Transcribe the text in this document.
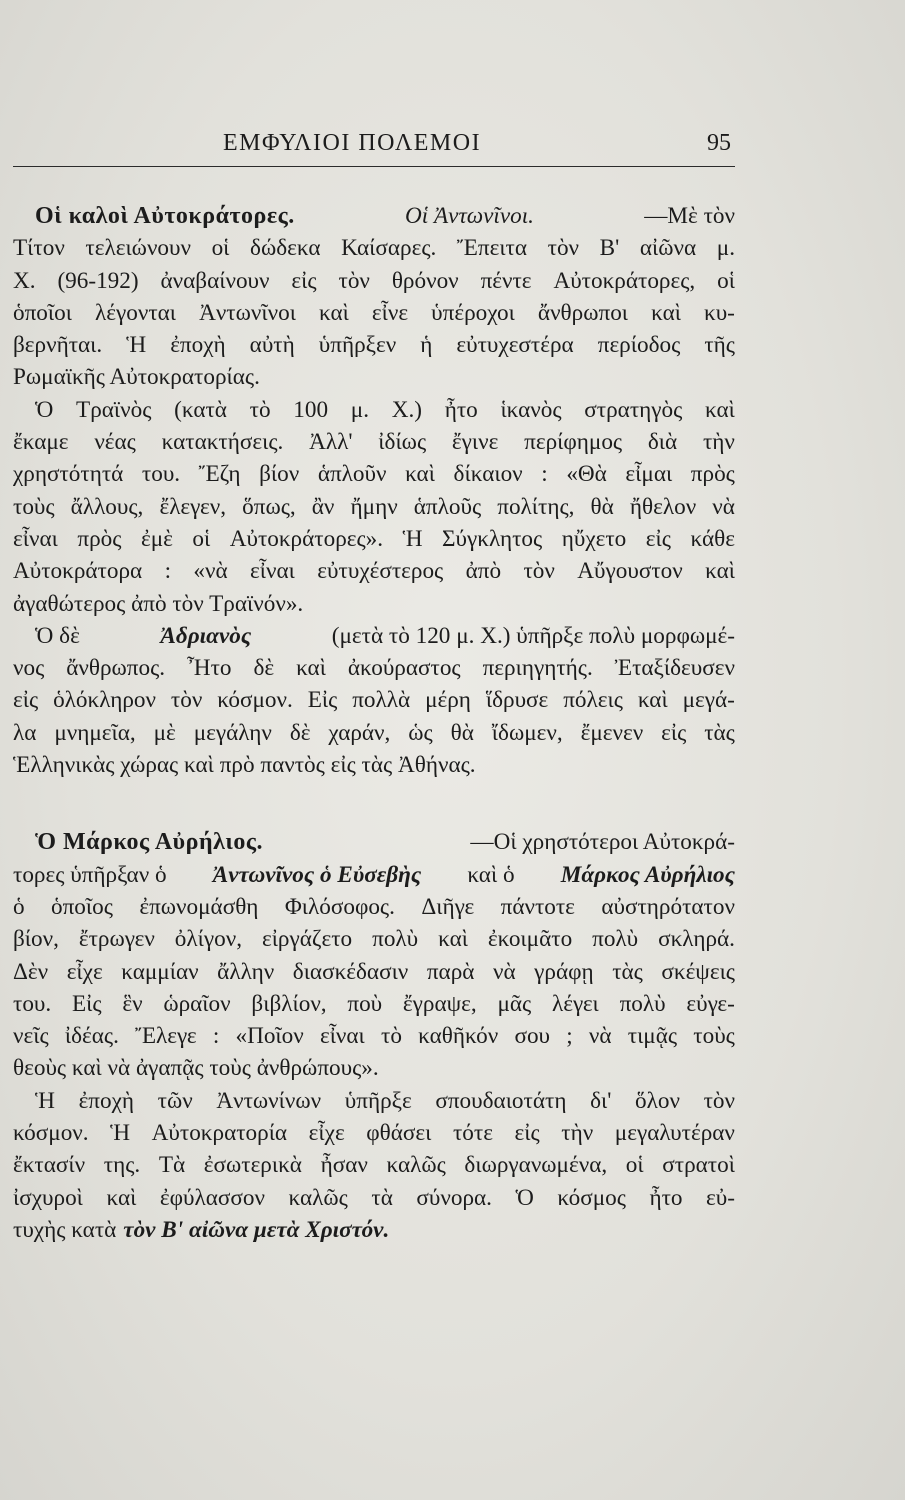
ΕΜΦΥΛΙΟΙ ΠΟΛΕΜΟΙ	95
Οἱ καλοὶ Αὐτοκράτορες.	Οἱ Ἀντωνῖνοι.	—Μὲ τὸν
Τίτον τελειώνουν οἱ δώδεκα Καίσαρες. Ἔπειτα τὸν Β' αἰῶνα μ.
Χ. (96-192) ἀναβαίνουν εἰς τὸν θρόνον πέντε Αὐτοκράτορες, οἱ
ὁποῖοι λέγονται Ἀντωνῖνοι καὶ εἶνε ὑπέροχοι ἄνθρωποι καὶ κυ-
βερνῆται. Ἡ ἐποχὴ αὐτὴ ὑπῆρξεν ἡ εὐτυχεστέρα περίοδος τῆς
Ρωμαϊκῆς Αὐτοκρατορίας.
Ὁ Τραϊνὸς (κατὰ τὸ 100 μ. Χ.) ἦτο ἱκανὸς στρατηγὸς καὶ
ἔκαμε νέας κατακτήσεις. Ἀλλ' ἰδίως ἔγινε περίφημος διὰ τὴν
χρηστότητά του. Ἔζη βίον ἁπλοῦν καὶ δίκαιον : «Θὰ εἶμαι πρὸς
τοὺς ἄλλους, ἔλεγεν, ὅπως, ἂν ἤμην ἁπλοῦς πολίτης, θὰ ἤθελον νὰ
εἶναι πρὸς ἐμὲ οἱ Αὐτοκράτορες». Ἡ Σύγκλητος ηὔχετο εἰς κάθε
Αὐτοκράτορα : «νὰ εἶναι εὐτυχέστερος ἀπὸ τὸν Αὔγουστον καὶ
ἀγαθώτερος ἀπὸ τὸν Τραϊνόν».
Ὁ δὲ	Ἀδριανὸς	(μετὰ τὸ 120 μ. Χ.) ὑπῆρξε πολὺ μορφωμέ-
νος ἄνθρωπος. Ἦτο δὲ καὶ ἀκούραστος περιηγητής. Ἐταξίδευσεν
εἰς ὁλόκληρον τὸν κόσμον. Εἰς πολλὰ μέρη ἵδρυσε πόλεις καὶ μεγά-
λα μνημεῖα, μὲ μεγάλην δὲ χαράν, ὡς θὰ ἴδωμεν, ἔμενεν εἰς τὰς
Ἑλληνικὰς χώρας καὶ πρὸ παντὸς εἰς τὰς Ἀθήνας.
Ὁ Μάρκος Αὐρήλιος.	—Οἱ χρηστότεροι Αὐτοκρά-
τορες ὑπῆρξαν ὁ Ἀντωνῖνος ὁ Εὐσεβὴς καὶ ὁ Μάρκος Αὐρήλιος
ὁ ὁποῖος ἐπωνομάσθη Φιλόσοφος. Διῆγε πάντοτε αὐστηρότατον
βίον, ἔτρωγεν ὀλίγον, εἰργάζετο πολὺ καὶ ἐκοιμᾶτο πολὺ σκληρά.
Δὲν εἶχε καμμίαν ἄλλην διασκέδασιν παρὰ νὰ γράφῃ τὰς σκέψεις
του. Εἰς ἓν ὡραῖον βιβλίον, ποὺ ἔγραψε, μᾶς λέγει πολὺ εὐγε-
νεῖς ἰδέας. Ἔλεγε : «Ποῖον εἶναι τὸ καθῆκόν σου ; νὰ τιμᾷς τοὺς
θεοὺς καὶ νὰ ἀγαπᾷς τοὺς ἀνθρώπους».
Ἡ ἐποχὴ τῶν Ἀντωνίνων ὑπῆρξε σπουδαιοτάτη δι' ὅλον τὸν
κόσμον. Ἡ Αὐτοκρατορία εἶχε φθάσει τότε εἰς τὴν μεγαλυτέραν
ἔκτασίν της. Τὰ ἐσωτερικὰ ἦσαν καλῶς διωργανωμένα, οἱ στρατοὶ
ἰσχυροὶ καὶ ἐφύλασσον καλῶς τὰ σύνορα. Ὁ κόσμος ἦτο εὐ-
τυχὴς κατὰ τὸν Β' αἰῶνα μετὰ Χριστόν.
